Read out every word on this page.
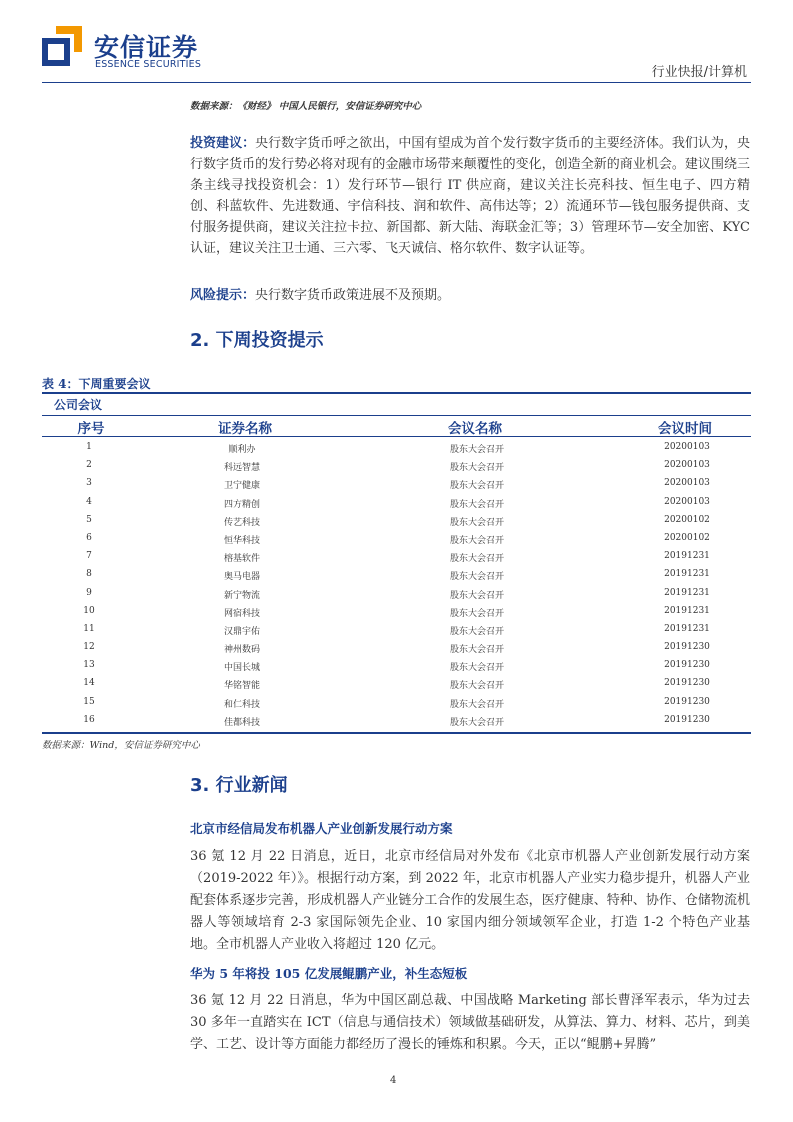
安信证券
ESSENCE SECURITIES
行业快报/计算机
数据来源：《财经》 中国人民银行，安信证券研究中心
投资建议：央行数字货币呼之欲出，中国有望成为首个发行数字货币的主要经济体。我们认为，央行数字货币的发行势必将对现有的金融市场带来颠覆性的变化，创造全新的商业机会。建议围绕三条主线寻找投资机会：1）发行环节—银行 IT 供应商，建议关注长亮科技、恒生电子、四方精创、科蓝软件、先进数通、宇信科技、润和软件、高伟达等；2）流通环节—钱包服务提供商、支付服务提供商，建议关注拉卡拉、新国都、新大陆、海联金汇等；3）管理环节—安全加密、KYC 认证，建议关注卫士通、三六零、飞天诚信、格尔软件、数字认证等。
风险提示：央行数字货币政策进展不及预期。
2. 下周投资提示
表 4：下周重要会议
公司会议
序号	证券名称	会议名称	会议时间
1	顺利办	股东大会召开	20200103
2	科远智慧	股东大会召开	20200103
3	卫宁健康	股东大会召开	20200103
4	四方精创	股东大会召开	20200103
5	传艺科技	股东大会召开	20200102
6	恒华科技	股东大会召开	20200102
7	榕基软件	股东大会召开	20191231
8	奥马电器	股东大会召开	20191231
9	新宁物流	股东大会召开	20191231
10	网宿科技	股东大会召开	20191231
11	汉鼎宇佑	股东大会召开	20191231
12	神州数码	股东大会召开	20191230
13	中国长城	股东大会召开	20191230
14	华铭智能	股东大会召开	20191230
15	和仁科技	股东大会召开	20191230
16	佳都科技	股东大会召开	20191230
数据来源：Wind，安信证券研究中心
3. 行业新闻
北京市经信局发布机器人产业创新发展行动方案
36 氪 12 月 22 日消息，近日，北京市经信局对外发布《北京市机器人产业创新发展行动方案（2019-2022 年）》。根据行动方案，到 2022 年，北京市机器人产业实力稳步提升，机器人产业配套体系逐步完善，形成机器人产业链分工合作的发展生态，医疗健康、特种、协作、仓储物流机器人等领域培育 2-3 家国际领先企业、10 家国内细分领域领军企业，打造 1-2 个特色产业基地。全市机器人产业收入将超过 120 亿元。
华为 5 年将投 105 亿发展鲲鹏产业，补生态短板
36 氪 12 月 22 日消息，华为中国区副总裁、中国战略 Marketing 部长曹泽军表示，华为过去 30 多年一直踏实在 ICT（信息与通信技术）领域做基础研发，从算法、算力、材料、芯片，到美学、工艺、设计等方面能力都经历了漫长的锤炼和积累。今天，正以“鲲鹏+昇腾”
4
